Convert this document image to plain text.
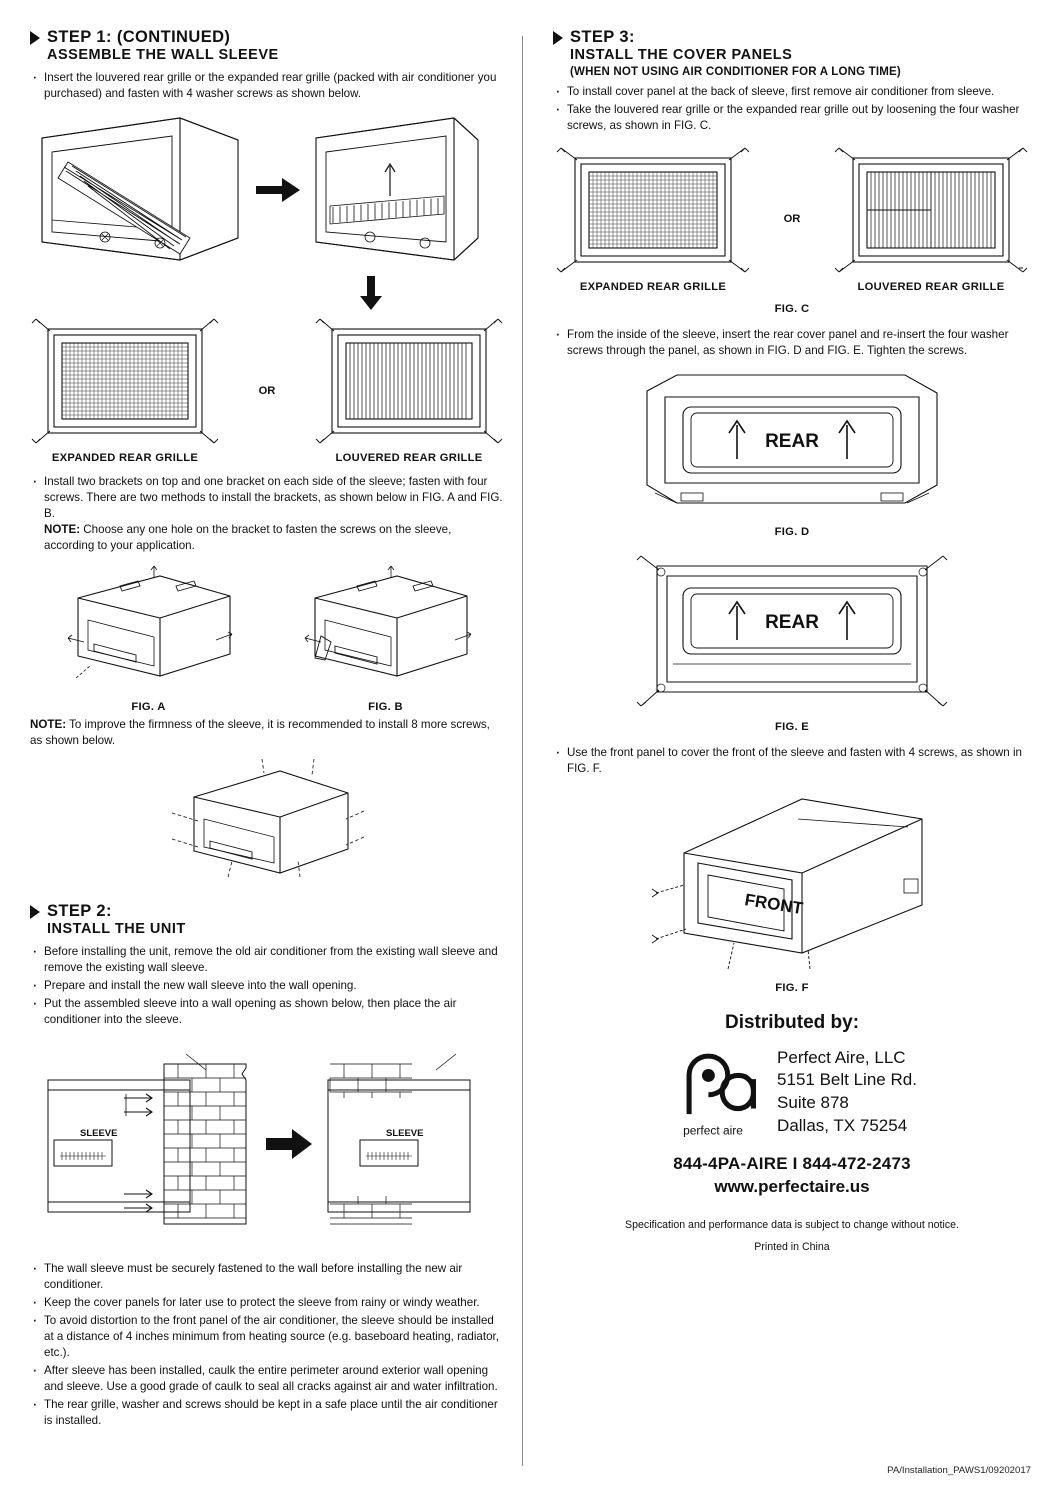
STEP 1: (CONTINUED)
ASSEMBLE THE WALL SLEEVE
· Insert the louvered rear grille or the expanded rear grille (packed with air conditioner you purchased) and fasten with 4 washer screws as shown below.
EXPANDED REAR GRILLE
OR
LOUVERED REAR GRILLE
· Install two brackets on top and one bracket on each side of the sleeve; fasten with four screws. There are two methods to install the brackets, as shown below in FIG. A and FIG. B.
NOTE: Choose any one hole on the bracket to fasten the screws on the sleeve, according to your application.
FIG. A	FIG. B
NOTE: To improve the firmness of the sleeve, it is recommended to install 8 more screws, as shown below.
STEP 2:
INSTALL THE UNIT
· Before installing the unit, remove the old air conditioner from the existing wall sleeve and remove the existing wall sleeve.
· Prepare and install the new wall sleeve into the wall opening.
· Put the assembled sleeve into a wall opening as shown below, then place the air conditioner into the sleeve.
SLEEVE	SLEEVE
· The wall sleeve must be securely fastened to the wall before installing the new air conditioner.
· Keep the cover panels for later use to protect the sleeve from rainy or windy weather.
· To avoid distortion to the front panel of the air conditioner, the sleeve should be installed at a distance of 4 inches minimum from heating source (e.g. baseboard heating, radiator, etc.).
· After sleeve has been installed, caulk the entire perimeter around exterior wall opening and sleeve. Use a good grade of caulk to seal all cracks against air and water infiltration.
· The rear grille, washer and screws should be kept in a safe place until the air conditioner is installed.
STEP 3:
INSTALL THE COVER PANELS
(WHEN NOT USING AIR CONDITIONER FOR A LONG TIME)
· To install cover panel at the back of sleeve, first remove air conditioner from sleeve.
· Take the louvered rear grille or the expanded rear grille out by loosening the four washer screws, as shown in FIG. C.
EXPANDED REAR GRILLE
OR
LOUVERED REAR GRILLE
FIG. C
· From the inside of the sleeve, insert the rear cover panel and re-insert the four washer screws through the panel, as shown in FIG. D and FIG. E. Tighten the screws.
REAR
FIG. D
REAR
FIG. E
· Use the front panel to cover the front of the sleeve and fasten with 4 screws, as shown in FIG. F.
FRONT
FIG. F
Distributed by:
perfect aire
Perfect Aire, LLC
5151 Belt Line Rd.
Suite 878
Dallas, TX 75254
844-4PA-AIRE I 844-472-2473
www.perfectaire.us
Specification and performance data is subject to change without notice.
Printed in China
PA/Installation_PAWS1/09202017
